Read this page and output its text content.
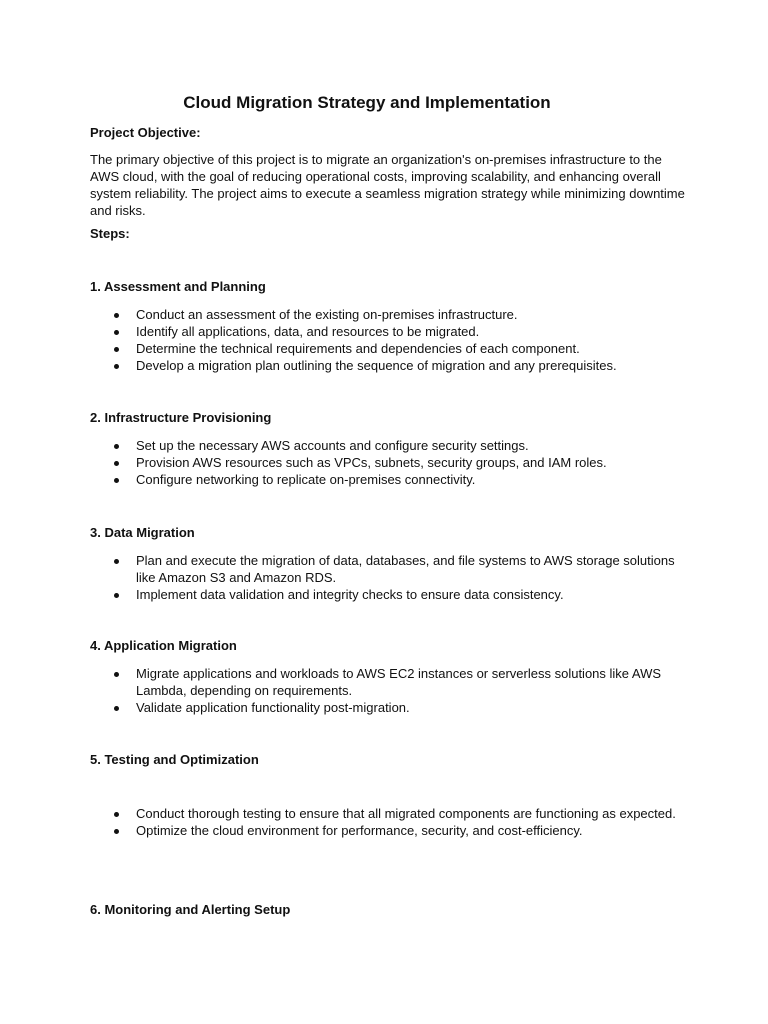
Cloud Migration Strategy and Implementation

Project Objective:

The primary objective of this project is to migrate an organization's on-premises infrastructure to the AWS cloud, with the goal of reducing operational costs, improving scalability, and enhancing overall system reliability. The project aims to execute a seamless migration strategy while minimizing downtime and risks.

Steps:

1. Assessment and Planning

Conduct an assessment of the existing on-premises infrastructure.
Identify all applications, data, and resources to be migrated.
Determine the technical requirements and dependencies of each component.
Develop a migration plan outlining the sequence of migration and any prerequisites.

2. Infrastructure Provisioning

Set up the necessary AWS accounts and configure security settings.
Provision AWS resources such as VPCs, subnets, security groups, and IAM roles.
Configure networking to replicate on-premises connectivity.

3. Data Migration

Plan and execute the migration of data, databases, and file systems to AWS storage solutions like Amazon S3 and Amazon RDS.
Implement data validation and integrity checks to ensure data consistency.

4. Application Migration

Migrate applications and workloads to AWS EC2 instances or serverless solutions like AWS Lambda, depending on requirements.
Validate application functionality post-migration.

5. Testing and Optimization

Conduct thorough testing to ensure that all migrated components are functioning as expected.
Optimize the cloud environment for performance, security, and cost-efficiency.

6. Monitoring and Alerting Setup
